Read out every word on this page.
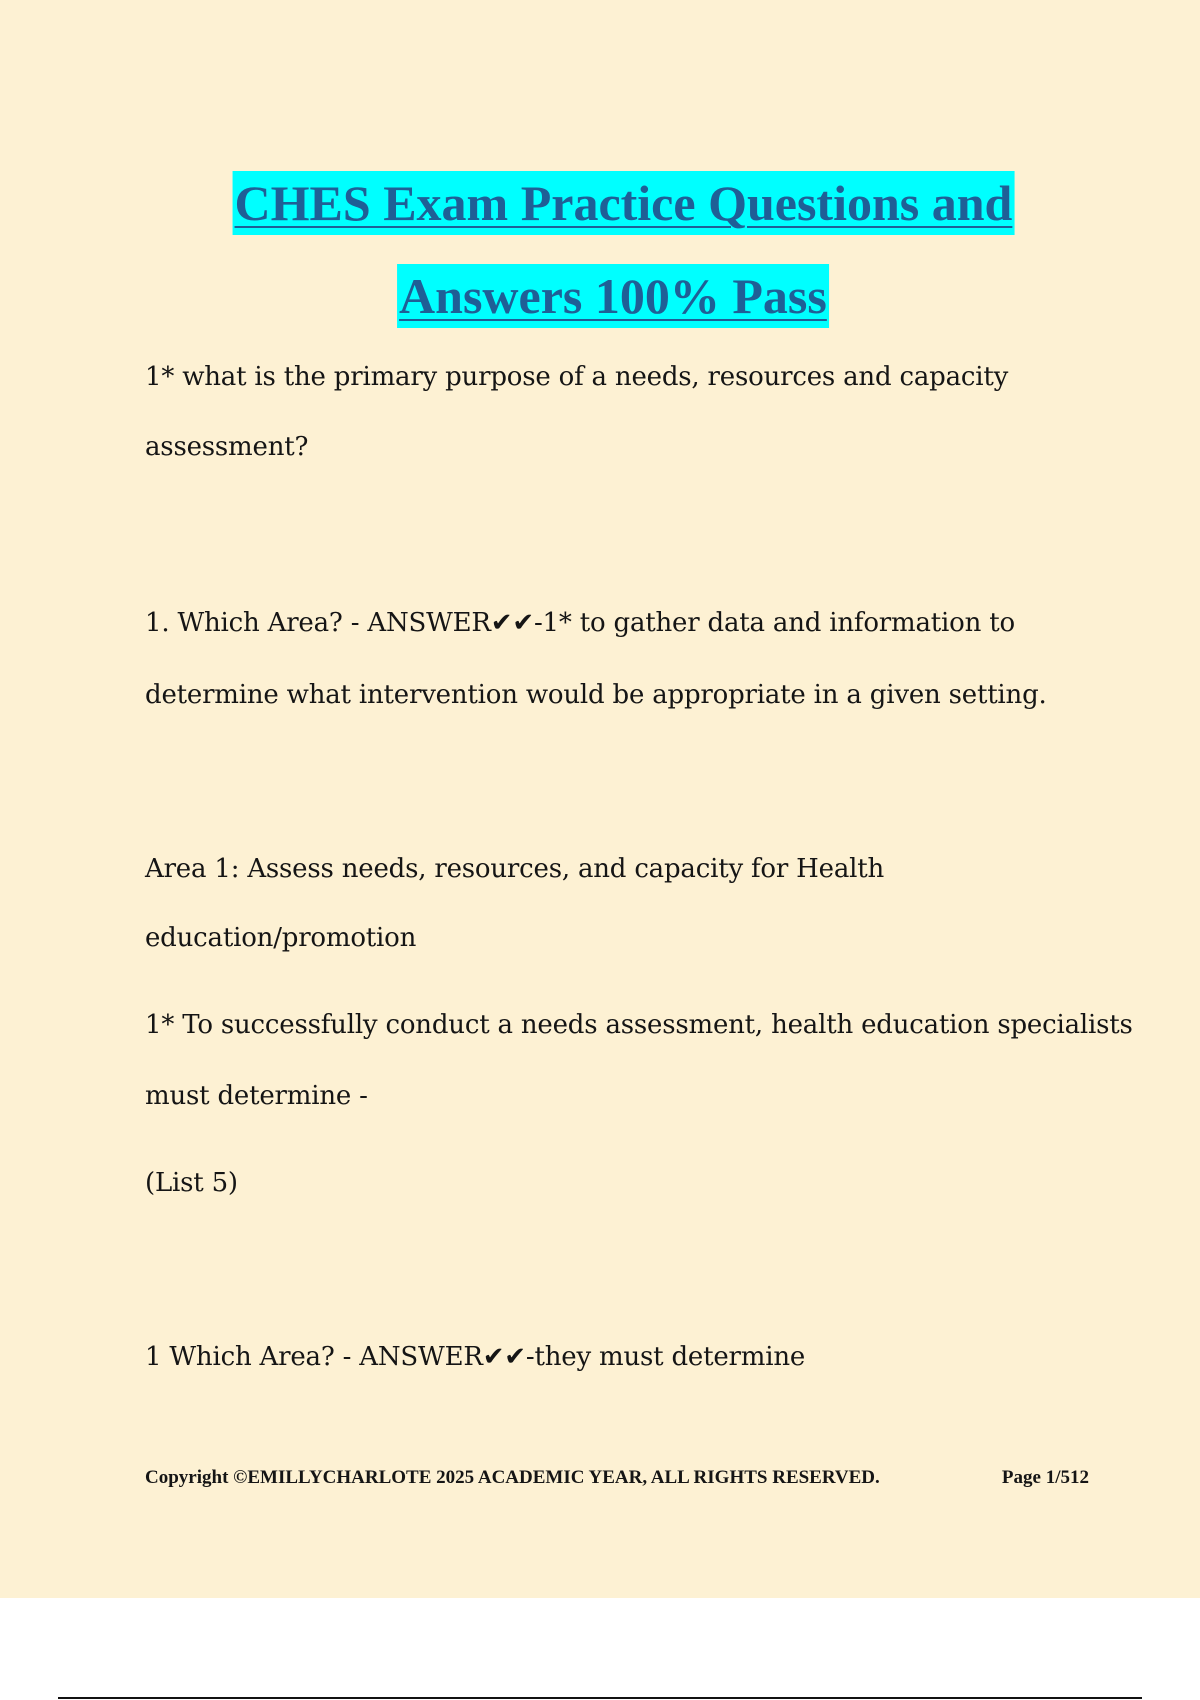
CHES Exam Practice Questions and
Answers 100% Pass
1* what is the primary purpose of a needs, resources and capacity
assessment?
1. Which Area? - ANSWER✔✔-1* to gather data and information to
determine what intervention would be appropriate in a given setting.
Area 1: Assess needs, resources, and capacity for Health
education/promotion
1* To successfully conduct a needs assessment, health education specialists
must determine -
(List 5)
1 Which Area? - ANSWER✔✔-they must determine
Copyright ©EMILLYCHARLOTE 2025 ACADEMIC YEAR, ALL RIGHTS RESERVED.	Page 1/512
